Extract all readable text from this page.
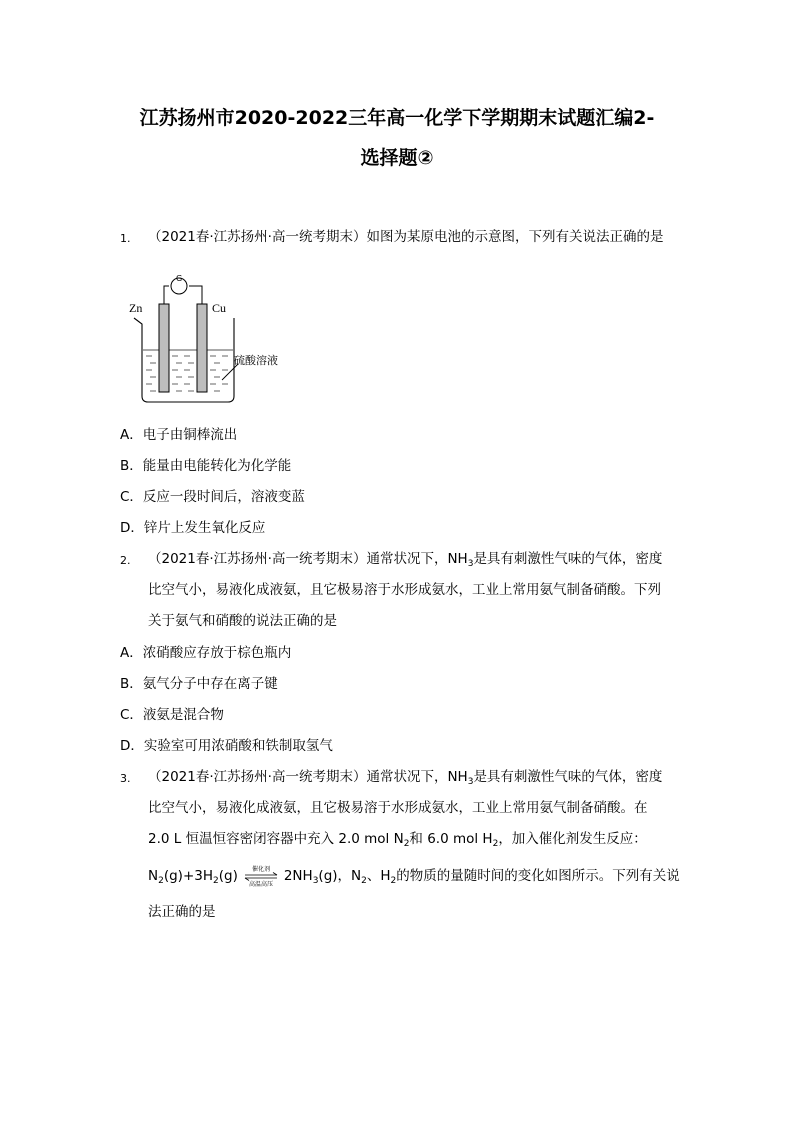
江苏扬州市2020-2022三年高一化学下学期期末试题汇编2-
选择题②
1. （2021春·江苏扬州·高一统考期末）如图为某原电池的示意图，下列有关说法正确的是
G
Zn	Cu
硫酸溶液
A．电子由铜棒流出
B．能量由电能转化为化学能
C．反应一段时间后，溶液变蓝
D．锌片上发生氧化反应
2. （2021春·江苏扬州·高一统考期末）通常状况下，$NH_3$是具有刺激性气味的气体，密度
比空气小，易液化成液氨，且它极易溶于水形成氨水，工业上常用氨气制备硝酸。下列
关于氨气和硝酸的说法正确的是
A．浓硝酸应存放于棕色瓶内
B．氨气分子中存在离子键
C．液氨是混合物
D．实验室可用浓硝酸和铁制取氢气
3. （2021春·江苏扬州·高一统考期末）通常状况下，$NH_3$是具有刺激性气味的气体，密度
比空气小，易液化成液氨，且它极易溶于水形成氨水，工业上常用氨气制备硝酸。在
2.0 L 恒温恒容密闭容器中充入 2.0 mol $N_2$和 6.0 mol $H_2$，加入催化剂发生反应：
$N_2(g)+3H_2(g)$ 催化剂
高温高压
$2NH_3(g)$，$N_2$、$H_2$的物质的量随时间的变化如图所示。下列有关说
法正确的是
